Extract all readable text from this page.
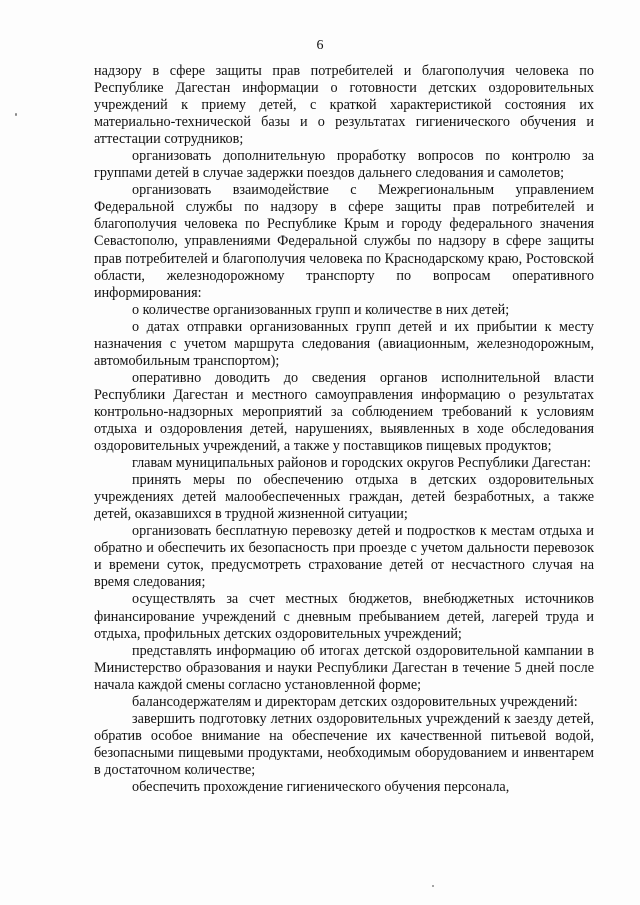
6

надзору в сфере защиты прав потребителей и благополучия человека по Республике Дагестан информации о готовности детских оздоровительных учреждений к приему детей, с краткой характеристикой состояния их материально-технической базы и о результатах гигиенического обучения и аттестации сотрудников;

организовать дополнительную проработку вопросов по контролю за группами детей в случае задержки поездов дальнего следования и самолетов;

организовать взаимодействие с Межрегиональным управлением Федеральной службы по надзору в сфере защиты прав потребителей и благополучия человека по Республике Крым и городу федерального значения Севастополю, управлениями Федеральной службы по надзору в сфере защиты прав потребителей и благополучия человека по Краснодарскому краю, Ростовской области, железнодорожному транспорту по вопросам оперативного информирования:

о количестве организованных групп и количестве в них детей;

о датах отправки организованных групп детей и их прибытии к месту назначения с учетом маршрута следования (авиационным, железнодорожным, автомобильным транспортом);

оперативно доводить до сведения органов исполнительной власти Республики Дагестан и местного самоуправления информацию о результатах контрольно-надзорных мероприятий за соблюдением требований к условиям отдыха и оздоровления детей, нарушениях, выявленных в ходе обследования оздоровительных учреждений, а также у поставщиков пищевых продуктов;

главам муниципальных районов и городских округов Республики Дагестан:

принять меры по обеспечению отдыха в детских оздоровительных учреждениях детей малообеспеченных граждан, детей безработных, а также детей, оказавшихся в трудной жизненной ситуации;

организовать бесплатную перевозку детей и подростков к местам отдыха и обратно и обеспечить их безопасность при проезде с учетом дальности перевозок и времени суток, предусмотреть страхование детей от несчастного случая на время следования;

осуществлять за счет местных бюджетов, внебюджетных источников финансирование учреждений с дневным пребыванием детей, лагерей труда и отдыха, профильных детских оздоровительных учреждений;

представлять информацию об итогах детской оздоровительной кампании в Министерство образования и науки Республики Дагестан в течение 5 дней после начала каждой смены согласно установленной форме;

балансодержателям и директорам детских оздоровительных учреждений:

завершить подготовку летних оздоровительных учреждений к заезду детей, обратив особое внимание на обеспечение их качественной питьевой водой, безопасными пищевыми продуктами, необходимым оборудованием и инвентарем в достаточном количестве;

обеспечить прохождение гигиенического обучения персонала,
